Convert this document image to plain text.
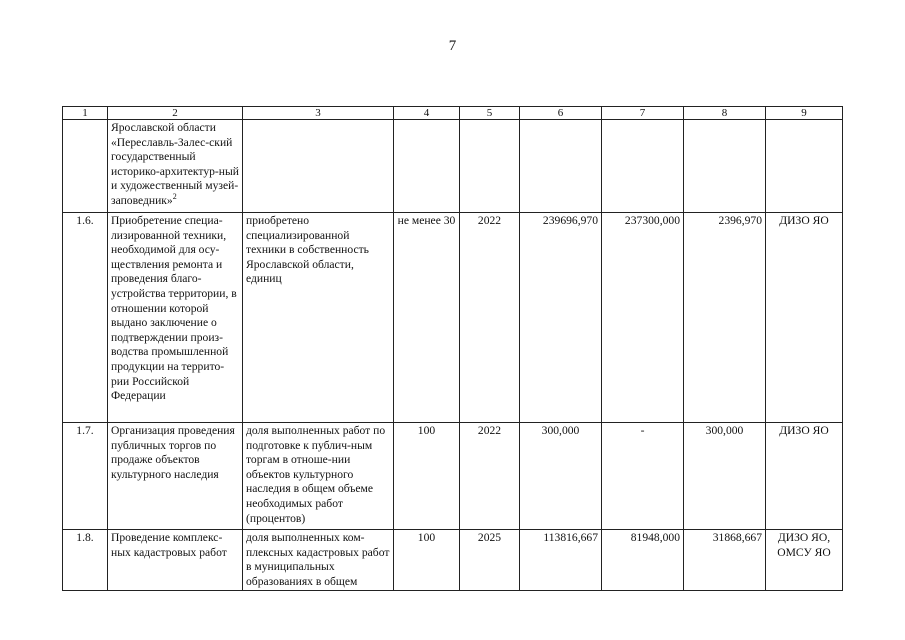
7
1	2	3	4	5	6	7	8	9
	Ярославской области «Переславль-Залес-ский государственный историко-архитектур-ный и художественный музей-заповедник»$^2$							
1.6.	Приобретение специа-лизированной техники, необходимой для осу-ществления ремонта и проведения благо-устройства территории, в отношении которой выдано заключение о подтверждении произ-водства промышленной продукции на террито-рии Российской Федерации	приобретено специализированной техники в собственность Ярославской области, единиц	не менее 30	2022	239696,970	237300,000	2396,970	ДИЗО ЯО
1.7.	Организация проведения публичных торгов по продаже объектов культурного наследия	доля выполненных работ по подготовке к публич-ным торгам в отноше-нии объектов культурного наследия в общем объеме необходимых работ (процентов)	100	2022	300,000	-	300,000	ДИЗО ЯО
1.8.	Проведение комплекс-ных кадастровых работ	доля выполненных ком-плексных кадастровых работ в муниципальных образованиях в общем	100	2025	113816,667	81948,000	31868,667	ДИЗО ЯО, ОМСУ ЯО
